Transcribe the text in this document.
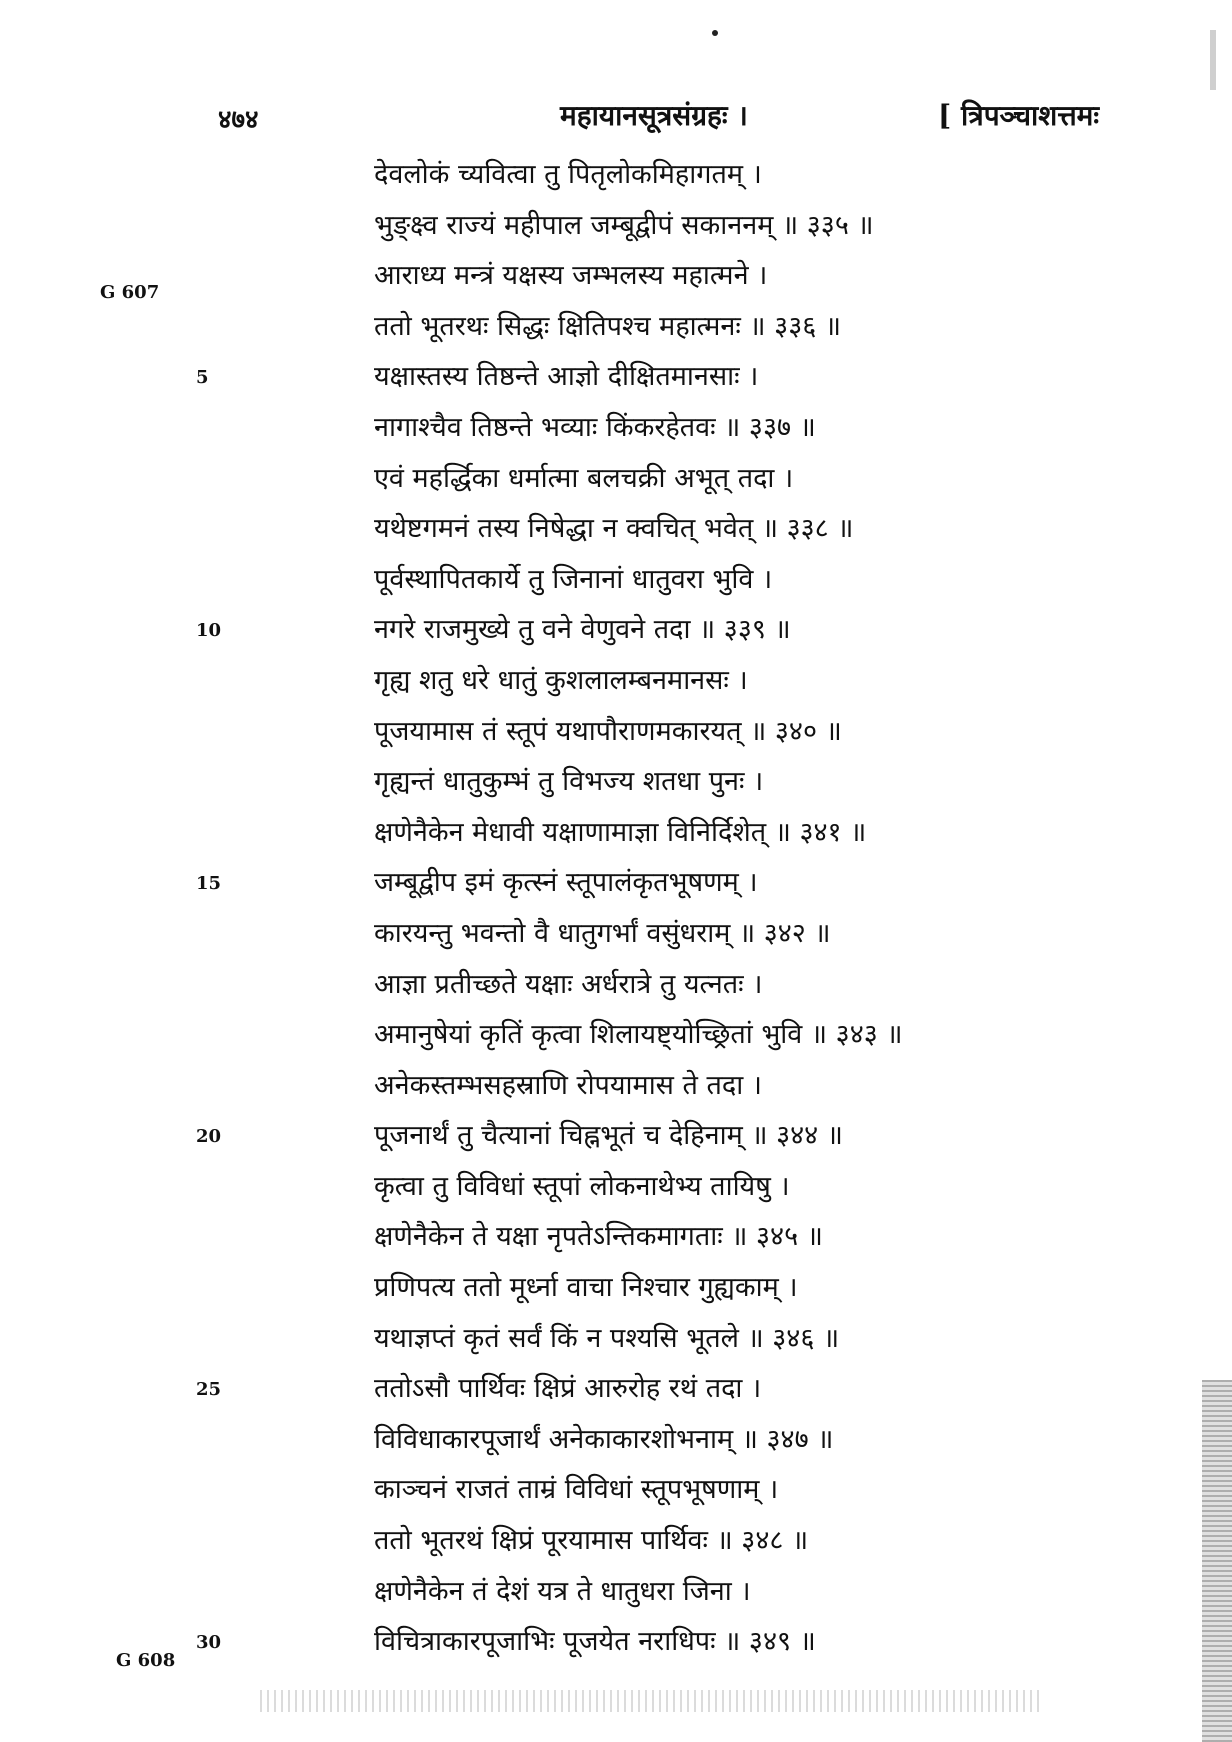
४७४	महायानसूत्रसंग्रहः ।	[ त्रिपञ्चाशत्तमः
G 607
G 608
देवलोकं च्यवित्वा तु पितृलोकमिहागतम् ।
भुङ्क्ष्व राज्यं महीपाल जम्बूद्वीपं सकाननम् ॥ ३३५ ॥
आराध्य मन्त्रं यक्षस्य जम्भलस्य महात्मने ।
ततो भूतरथः सिद्धः क्षितिपश्च महात्मनः ॥ ३३६ ॥
5	यक्षास्तस्य तिष्ठन्ते आज्ञो दीक्षितमानसाः ।
नागाश्चैव तिष्ठन्ते भव्याः किंकरहेतवः ॥ ३३७ ॥
एवं महर्द्धिका धर्मात्मा बलचक्री अभूत् तदा ।
यथेष्टगमनं तस्य निषेद्धा न क्वचित् भवेत् ॥ ३३८ ॥
पूर्वस्थापितकार्ये तु जिनानां धातुवरा भुवि ।
10	नगरे राजमुख्ये तु वने वेणुवने तदा ॥ ३३९ ॥
गृह्य शतु धरे धातुं कुशलालम्बनमानसः ।
पूजयामास तं स्तूपं यथापौराणमकारयत् ॥ ३४० ॥
गृह्यन्तं धातुकुम्भं तु विभज्य शतधा पुनः ।
क्षणेनैकेन मेधावी यक्षाणामाज्ञा विनिर्दिशेत् ॥ ३४१ ॥
15	जम्बूद्वीप इमं कृत्स्नं स्तूपालंकृतभूषणम् ।
कारयन्तु भवन्तो वै धातुगर्भां वसुंधराम् ॥ ३४२ ॥
आज्ञा प्रतीच्छते यक्षाः अर्धरात्रे तु यत्नतः ।
अमानुषेयां कृतिं कृत्वा शिलायष्ट्योच्छ्रितां भुवि ॥ ३४३ ॥
अनेकस्तम्भसहस्राणि रोपयामास ते तदा ।
20	पूजनार्थं तु चैत्यानां चिह्नभूतं च देहिनाम् ॥ ३४४ ॥
कृत्वा तु विविधां स्तूपां लोकनाथेभ्य तायिषु ।
क्षणेनैकेन ते यक्षा नृपतेऽन्तिकमागताः ॥ ३४५ ॥
प्रणिपत्य ततो मूर्ध्ना वाचा निश्चार गुह्यकाम् ।
यथाज्ञप्तं कृतं सर्वं किं न पश्यसि भूतले ॥ ३४६ ॥
25	ततोऽसौ पार्थिवः क्षिप्रं आरुरोह रथं तदा ।
विविधाकारपूजार्थं अनेकाकारशोभनाम् ॥ ३४७ ॥
काञ्चनं राजतं ताम्रं विविधां स्तूपभूषणाम् ।
ततो भूतरथं क्षिप्रं पूरयामास पार्थिवः ॥ ३४८ ॥
क्षणेनैकेन तं देशं यत्र ते धातुधरा जिना ।
30	विचित्राकारपूजाभिः पूजयेत नराधिपः ॥ ३४९ ॥
